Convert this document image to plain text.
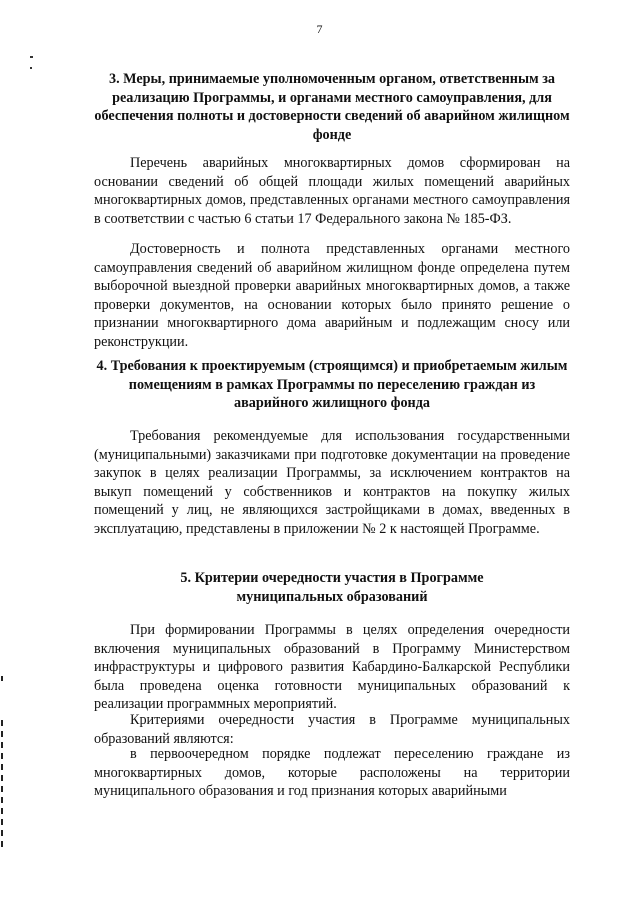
7
3. Меры, принимаемые уполномоченным органом, ответственным за реализацию Программы, и органами местного самоуправления, для обеспечения полноты и достоверности сведений об аварийном жилищном фонде
Перечень аварийных многоквартирных домов сформирован на основании сведений об общей площади жилых помещений аварийных многоквартирных домов, представленных органами местного самоуправления в соответствии с частью 6 статьи 17 Федерального закона № 185-ФЗ.
Достоверность и полнота представленных органами местного самоуправления сведений об аварийном жилищном фонде определена путем выборочной выездной проверки аварийных многоквартирных домов, а также проверки документов, на основании которых было принято решение о признании многоквартирного дома аварийным и подлежащим сносу или реконструкции.
4. Требования к проектируемым (строящимся) и приобретаемым жилым помещениям в рамках Программы по переселению граждан из аварийного жилищного фонда
Требования рекомендуемые для использования государственными (муниципальными) заказчиками при подготовке документации на проведение закупок в целях реализации Программы, за исключением контрактов на выкуп помещений у собственников и контрактов на покупку жилых помещений у лиц, не являющихся застройщиками в домах, введенных в эксплуатацию, представлены в приложении № 2 к настоящей Программе.
5. Критерии очередности участия в Программе
муниципальных образований
При формировании Программы в целях определения очередности включения муниципальных образований в Программу Министерством инфраструктуры и цифрового развития Кабардино-Балкарской Республики была проведена оценка готовности муниципальных образований к реализации программных мероприятий.
Критериями очередности участия в Программе муниципальных образований являются:
в первоочередном порядке подлежат переселению граждане из многоквартирных домов, которые расположены на территории муниципального образования и год признания которых аварийными
